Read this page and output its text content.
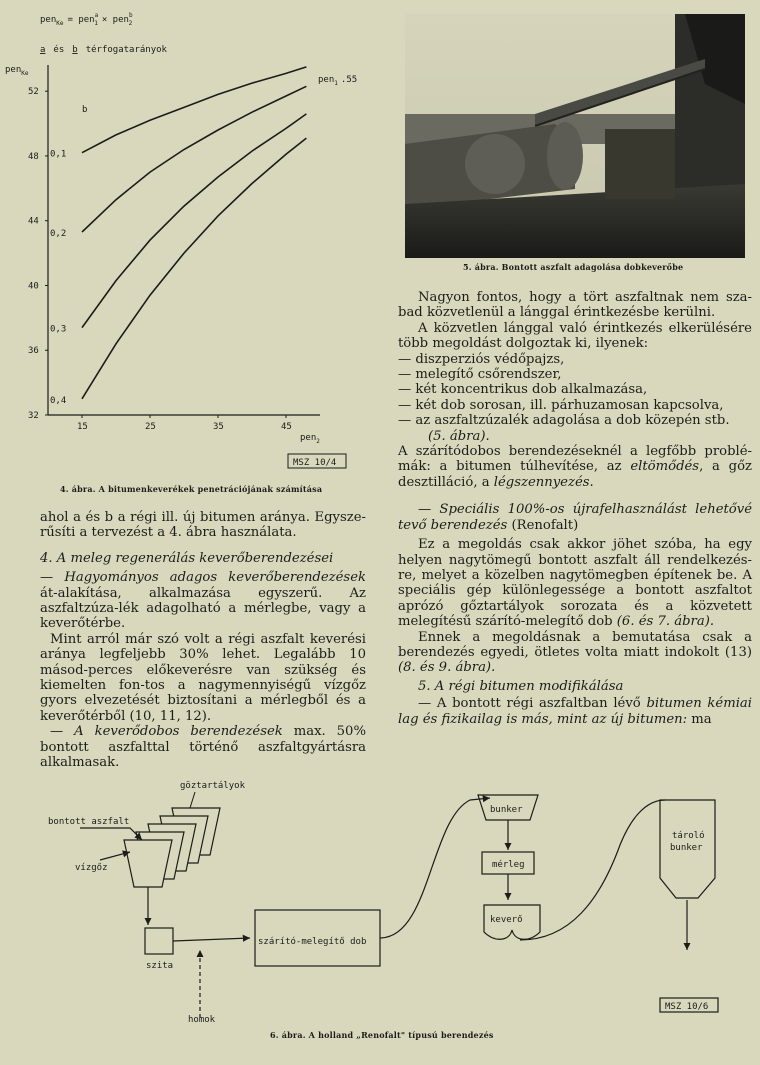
pen$_{Ke}$ = pen$^a$ 1 × pen$^b$ 2
a és b térfogatarányok
pen$_{Ke}$
pen$_2$
pen$_1$ .55
b
32
36
40
44
48
52
15	25	35	45
0,1
0,2
0,3
0,4
MSZ 10/4
4. ábra. A bitumenkeverékek penetrációjának számítása
5. ábra. Bontott aszfalt adagolása dobkeverőbe

ahol a és b a régi ill. új bitumen aránya. Egysze-rűsíti a tervezést a 4. ábra használata.

4. A meleg regenerálás keverőberendezései

— Hagyományos adagos keverőberendezések át-alakítása, alkalmazása egyszerű. Az aszfaltzúza-lék adagolható a mérlegbe, vagy a keverőtérbe.

Mint arról már szó volt a régi aszfalt keverési aránya legfeljebb 30% lehet. Legalább 10 másod-perces előkeverésre van szükség és kiemelten fon-tos a nagymennyiségű vízgőz gyors elvezetését biztosítani a mérlegből és a keverőtérből (10, 11, 12).

— A keverődobos berendezések max. 50% bontott aszfalttal történő aszfaltgyártásra alkalmasak.

Nagyon fontos, hogy a tört aszfaltnak nem sza-bad közvetlenül a lánggal érintkezésbe kerülni.

A közvetlen lánggal való érintkezés elkerülésére több megoldást dolgoztak ki, ilyenek:

— diszperziós védőpajzs,

— melegítő csőrendszer,

— két koncentrikus dob alkalmazása,

— két dob sorosan, ill. párhuzamosan kapcsolva,

— az aszfaltzúzalék adagolása a dob közepén stb.

(5. ábra).

A szárítódobos berendezéseknél a legfőbb problé-mák: a bitumen túlhevítése, az eltömődés, a gőz desztilláció, a légszennyezés.

— Speciális 100%-os újrafelhasználást lehetővé tevő berendezés (Renofalt)

Ez a megoldás csak akkor jöhet szóba, ha egy helyen nagytömegű bontott aszfalt áll rendelkezés-re, melyet a közelben nagytömegben építenek be. A speciális gép különlegessége a bontott aszfaltot aprózó gőztartályok sorozata és a közvetett melegítésű szárító-melegítő dob (6. és 7. ábra).

Ennek a megoldásnak a bemutatása csak a berendezés egyedi, ötletes volta miatt indokolt (13) (8. és 9. ábra).

5. A régi bitumen modifikálása

— A bontott régi aszfaltban lévő bitumen kémiai lag és fizikailag is más, mint az új bitumen: ma

göztartályok
bontott aszfalt
vízgőz
szita
homok
szárító-melegítő dob
bunker
mérleg
keverő
tároló
bunker
MSZ 10/6
6. ábra. A holland „Renofalt" típusú berendezés
